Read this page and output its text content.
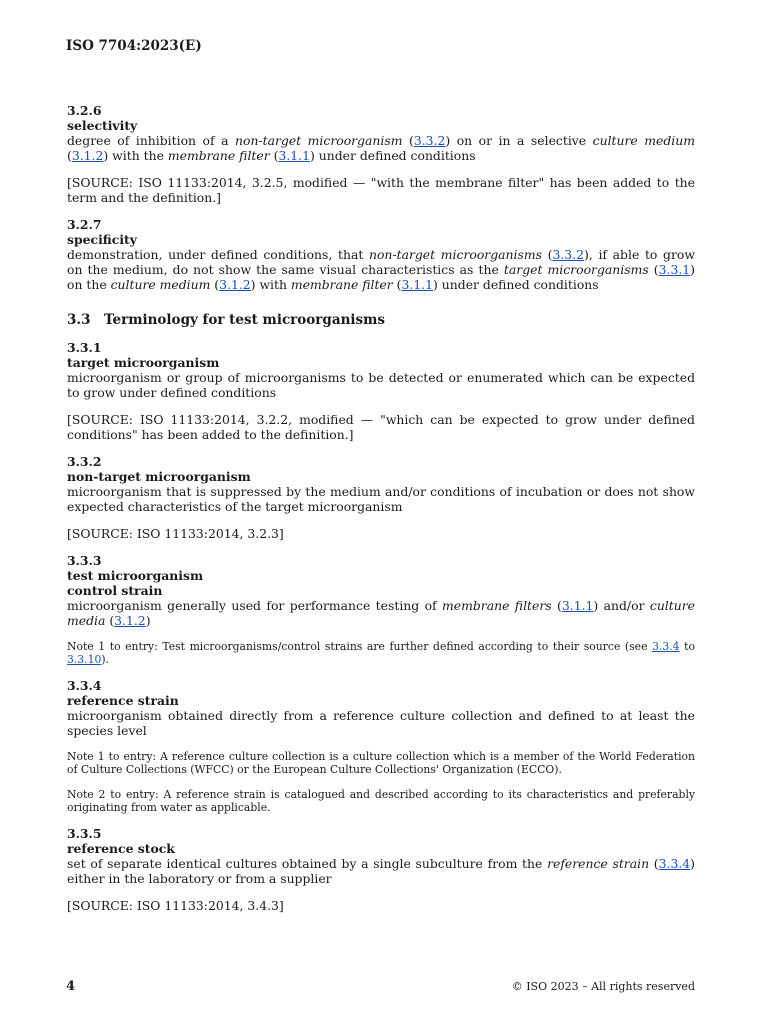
ISO 7704:2023(E)
3.2.6
selectivity
degree of inhibition of a non-target microorganism (3.3.2) on or in a selective culture medium (3.1.2) with the membrane filter (3.1.1) under defined conditions
[SOURCE: ISO 11133:2014, 3.2.5, modified — "with the membrane filter" has been added to the term and the definition.]
3.2.7
specificity
demonstration, under defined conditions, that non-target microorganisms (3.3.2), if able to grow on the medium, do not show the same visual characteristics as the target microorganisms (3.3.1) on the culture medium (3.1.2) with membrane filter (3.1.1) under defined conditions
3.3 Terminology for test microorganisms
3.3.1
target microorganism
microorganism or group of microorganisms to be detected or enumerated which can be expected to grow under defined conditions
[SOURCE: ISO 11133:2014, 3.2.2, modified — "which can be expected to grow under defined conditions" has been added to the definition.]
3.3.2
non-target microorganism
microorganism that is suppressed by the medium and/or conditions of incubation or does not show expected characteristics of the target microorganism
[SOURCE: ISO 11133:2014, 3.2.3]
3.3.3
test microorganism
control strain
microorganism generally used for performance testing of membrane filters (3.1.1) and/or culture media (3.1.2)
Note 1 to entry: Test microorganisms/control strains are further defined according to their source (see 3.3.4 to 3.3.10).
3.3.4
reference strain
microorganism obtained directly from a reference culture collection and defined to at least the species level
Note 1 to entry: A reference culture collection is a culture collection which is a member of the World Federation of Culture Collections (WFCC) or the European Culture Collections' Organization (ECCO).
Note 2 to entry: A reference strain is catalogued and described according to its characteristics and preferably originating from water as applicable.
3.3.5
reference stock
set of separate identical cultures obtained by a single subculture from the reference strain (3.3.4) either in the laboratory or from a supplier
[SOURCE: ISO 11133:2014, 3.4.3]
4	© ISO 2023 – All rights reserved
